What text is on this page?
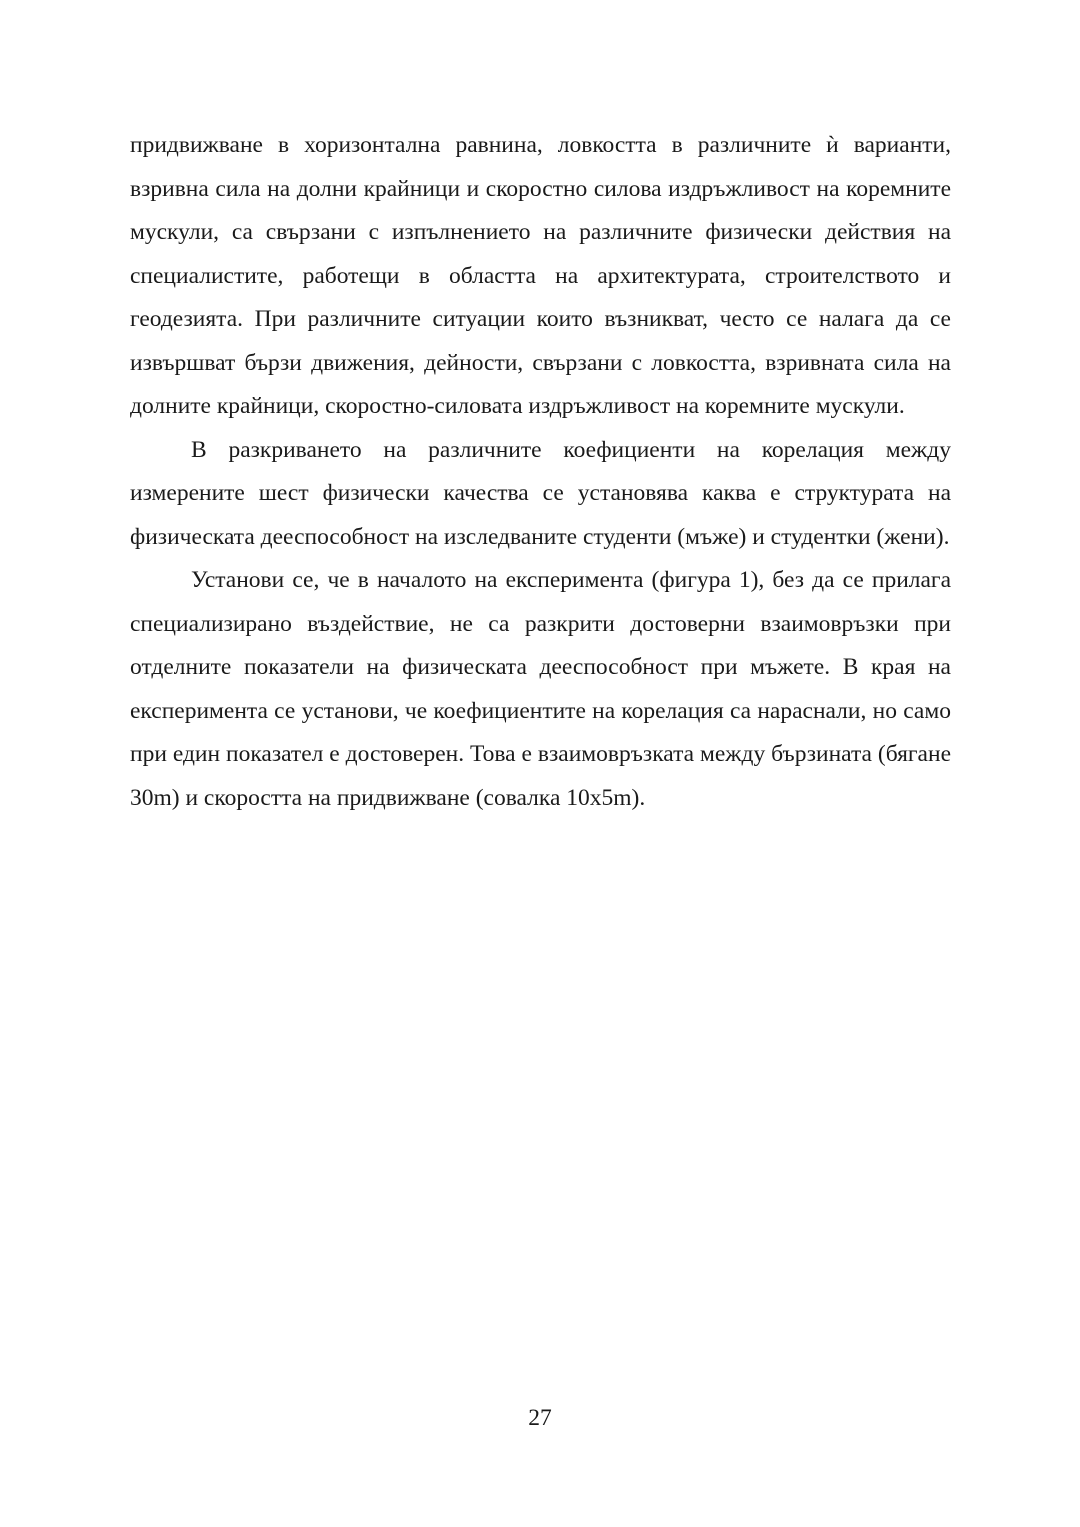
придвижване в хоризонтална равнина, ловкостта в различните ѝ варианти, взривна сила на долни крайници и скоростно силова издръжливост на коремните мускули, са свързани с изпълнението на различните физически действия на специалистите, работещи в областта на архитектурата, строителството и геодезията. При различните ситуации които възникват, често се налага да се извършват бързи движения, дейности, свързани с ловкостта, взривната сила на долните крайници, скоростно-силовата издръжливост на коремните мускули.

В разкриването на различните коефициенти на корелация между измерените шест физически качества се установява каква е структурата на физическата дееспособност на изследваните студенти (мъже) и студентки (жени).

Установи се, че в началото на експеримента (фигура 1), без да се прилага специализирано въздействие, не са разкрити достоверни взаимовръзки при отделните показатели на физическата дееспособност при мъжете. В края на експеримента се установи, че коефициентите на корелация са нараснали, но само при един показател е достоверен. Това е взаимовръзката между бързината (бягане 30m) и скоростта на придвижване (совалка 10x5m).

27
